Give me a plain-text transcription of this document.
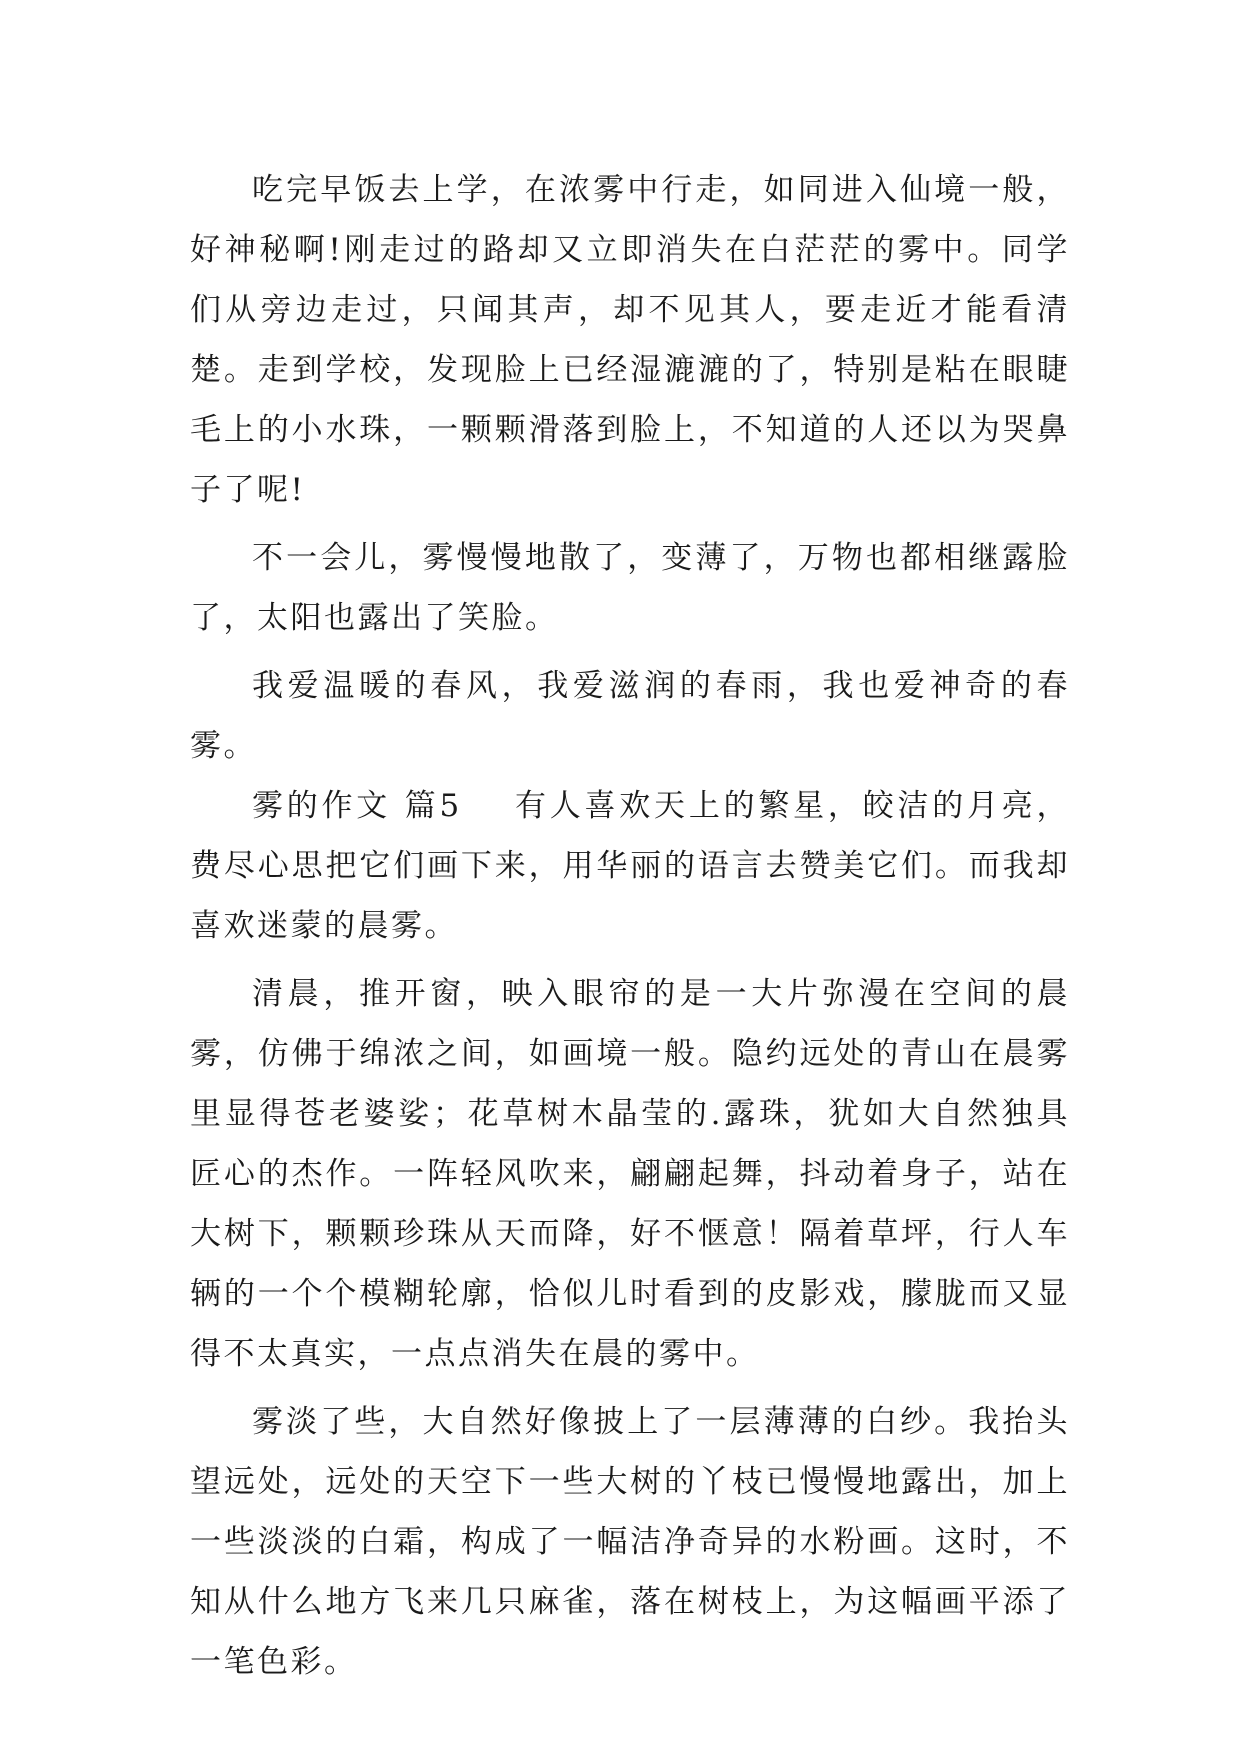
吃完早饭去上学，在浓雾中行走，如同进入仙境一般，好神秘啊!刚走过的路却又立即消失在白茫茫的雾中。同学们从旁边走过，只闻其声，却不见其人，要走近才能看清楚。走到学校，发现脸上已经湿漉漉的了，特别是粘在眼睫毛上的小水珠，一颗颗滑落到脸上，不知道的人还以为哭鼻子了呢!

不一会儿，雾慢慢地散了，变薄了，万物也都相继露脸了，太阳也露出了笑脸。

我爱温暖的春风，我爱滋润的春雨，我也爱神奇的春雾。

雾的作文 篇5 有人喜欢天上的繁星，皎洁的月亮，费尽心思把它们画下来，用华丽的语言去赞美它们。而我却喜欢迷蒙的晨雾。

清晨，推开窗，映入眼帘的是一大片弥漫在空间的晨雾，仿佛于绵浓之间，如画境一般。隐约远处的青山在晨雾里显得苍老婆娑；花草树木晶莹的.露珠，犹如大自然独具匠心的杰作。一阵轻风吹来，翩翩起舞，抖动着身子，站在大树下，颗颗珍珠从天而降，好不惬意！隔着草坪，行人车辆的一个个模糊轮廓，恰似儿时看到的皮影戏，朦胧而又显得不太真实，一点点消失在晨的雾中。

雾淡了些，大自然好像披上了一层薄薄的白纱。我抬头望远处，远处的天空下一些大树的丫枝已慢慢地露出，加上一些淡淡的白霜，构成了一幅洁净奇异的水粉画。这时，不知从什么地方飞来几只麻雀，落在树枝上，为这幅画平添了一笔色彩。
